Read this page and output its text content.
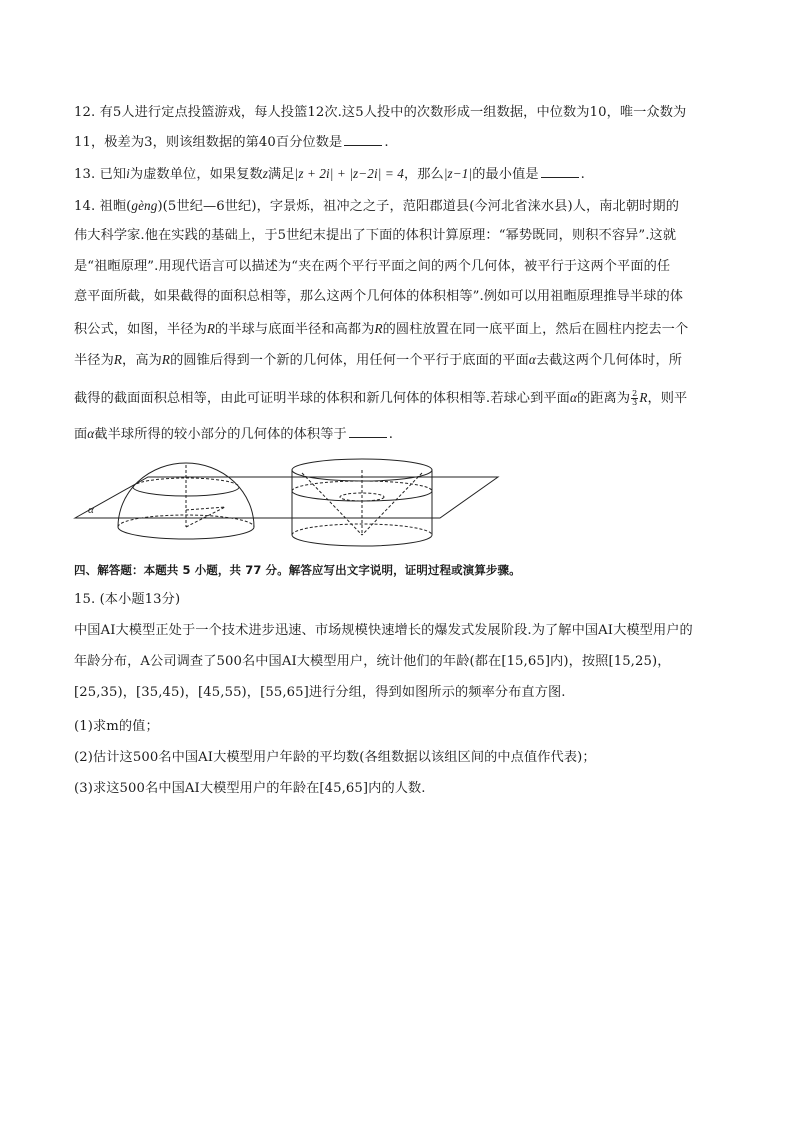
12. 有5人进行定点投篮游戏，每人投篮12次.这5人投中的次数形成一组数据，中位数为10，唯一众数为
11，极差为3，则该组数据的第40百分位数是	.
13. 已知i为虚数单位，如果复数z满足|z + 2i| + |z−2i| = 4，那么|z−1|的最小值是	.
14. 祖暅(gèng)(5世纪—6世纪)，字景烁，祖冲之之子，范阳郡道县(今河北省涞水县)人，南北朝时期的
伟大科学家.他在实践的基础上，于5世纪末提出了下面的体积计算原理：“幂势既同，则积不容异”.这就
是“祖暅原理”.用现代语言可以描述为“夹在两个平行平面之间的两个几何体，被平行于这两个平面的任
意平面所截，如果截得的面积总相等，那么这两个几何体的体积相等”.例如可以用祖暅原理推导半球的体
积公式，如图，半径为R的半球与底面半径和高都为R的圆柱放置在同一底平面上，然后在圆柱内挖去一个
半径为R，高为R的圆锥后得到一个新的几何体，用任何一个平行于底面的平面α去截这两个几何体时，所
截得的截面面积总相等，由此可证明半球的体积和新几何体的体积相等.若球心到平面α的距离为 $\frac{2}{3}$ R，则平
面α截半球所得的较小部分的几何体的体积等于	.
α
四、解答题：本题共 5 小题，共 77 分。解答应写出文字说明，证明过程或演算步骤。
15. (本小题13分)
中国AI大模型正处于一个技术进步迅速、市场规模快速增长的爆发式发展阶段.为了解中国AI大模型用户的
年龄分布，A公司调查了500名中国AI大模型用户，统计他们的年龄(都在[15,65]内)，按照[15,25)，
[25,35)，[35,45)，[45,55)，[55,65]进行分组，得到如图所示的频率分布直方图.
(1)求m的值；
(2)估计这500名中国AI大模型用户年龄的平均数(各组数据以该组区间的中点值作代表)；
(3)求这500名中国AI大模型用户的年龄在[45,65]内的人数.
